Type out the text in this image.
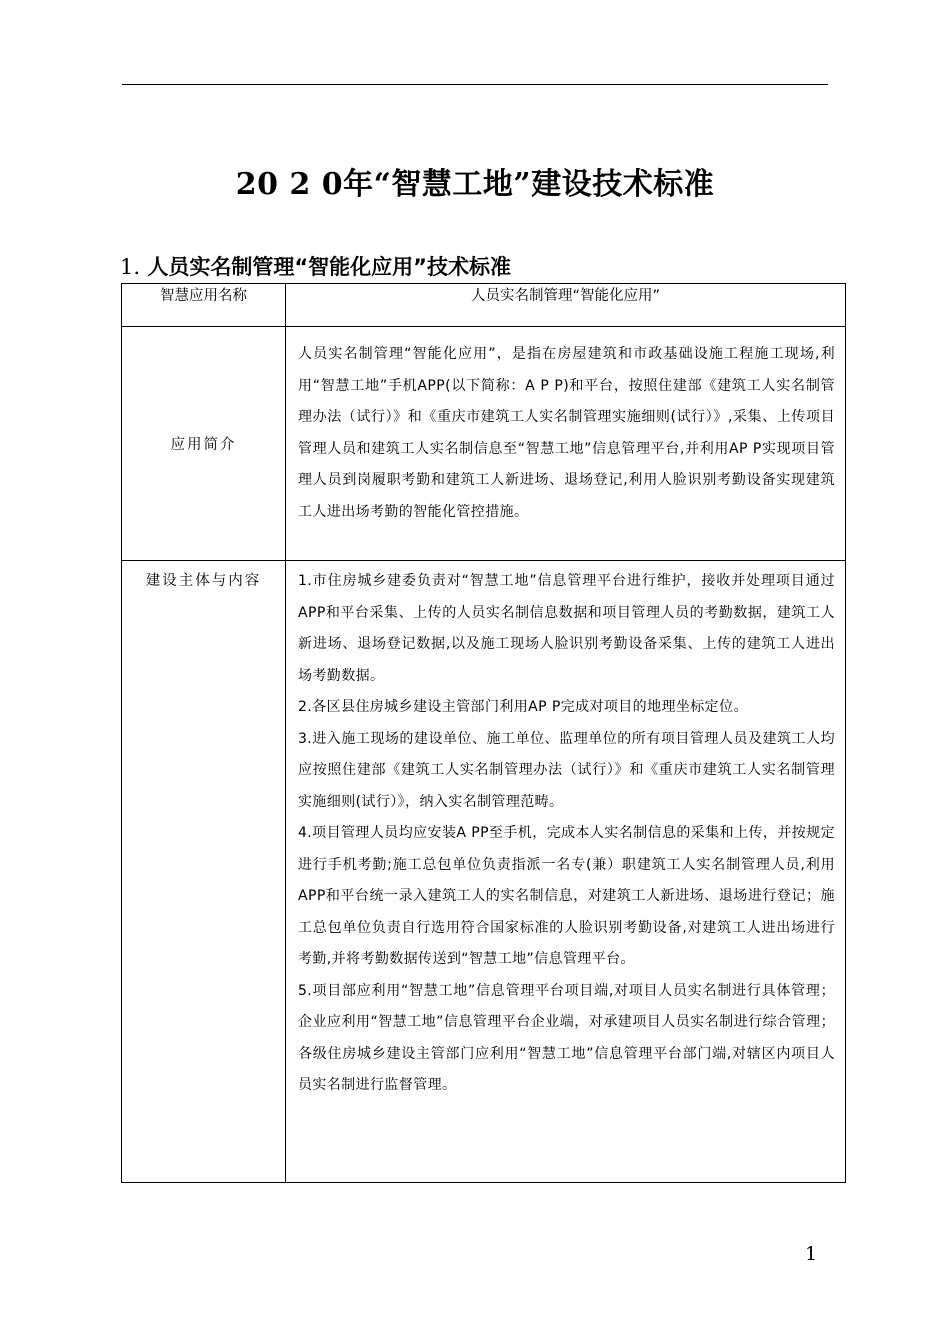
20 2 0年“智慧工地”建设技术标准
1. 人员实名制管理“智能化应用”技术标准
智慧应用名称	人员实名制管理“智能化应用”
应用简介	人员实名制管理“智能化应用”，是指在房屋建筑和市政基础设施工程施工现场,利用“智慧工地”手机APP(以下简称：A P P)和平台，按照住建部《建筑工人实名制管理办法（试行）》和《重庆市建筑工人实名制管理实施细则(试行）》,采集、上传项目管理人员和建筑工人实名制信息至“智慧工地”信息管理平台,并利用AP P实现项目管理人员到岗履职考勤和建筑工人新进场、退场登记,利用人脸识别考勤设备实现建筑工人进出场考勤的智能化管控措施。

建设主体与内容	1.市住房城乡建委负责对“智慧工地”信息管理平台进行维护，接收并处理项目通过APP和平台采集、上传的人员实名制信息数据和项目管理人员的考勤数据，建筑工人新进场、退场登记数据,以及施工现场人脸识别考勤设备采集、上传的建筑工人进出场考勤数据。

2.各区县住房城乡建设主管部门利用AP P完成对项目的地理坐标定位。

3.进入施工现场的建设单位、施工单位、监理单位的所有项目管理人员及建筑工人均应按照住建部《建筑工人实名制管理办法（试行）》和《重庆市建筑工人实名制管理实施细则(试行）》，纳入实名制管理范畴。

4.项目管理人员均应安装A PP至手机，完成本人实名制信息的采集和上传，并按规定进行手机考勤;施工总包单位负责指派一名专(兼）职建筑工人实名制管理人员,利用APP和平台统一录入建筑工人的实名制信息，对建筑工人新进场、退场进行登记；施工总包单位负责自行选用符合国家标准的人脸识别考勤设备,对建筑工人进出场进行考勤,并将考勤数据传送到“智慧工地”信息管理平台。

5.项目部应利用“智慧工地”信息管理平台项目端,对项目人员实名制进行具体管理；企业应利用“智慧工地”信息管理平台企业端，对承建项目人员实名制进行综合管理；各级住房城乡建设主管部门应利用“智慧工地”信息管理平台部门端,对辖区内项目人员实名制进行监督管理。

1
